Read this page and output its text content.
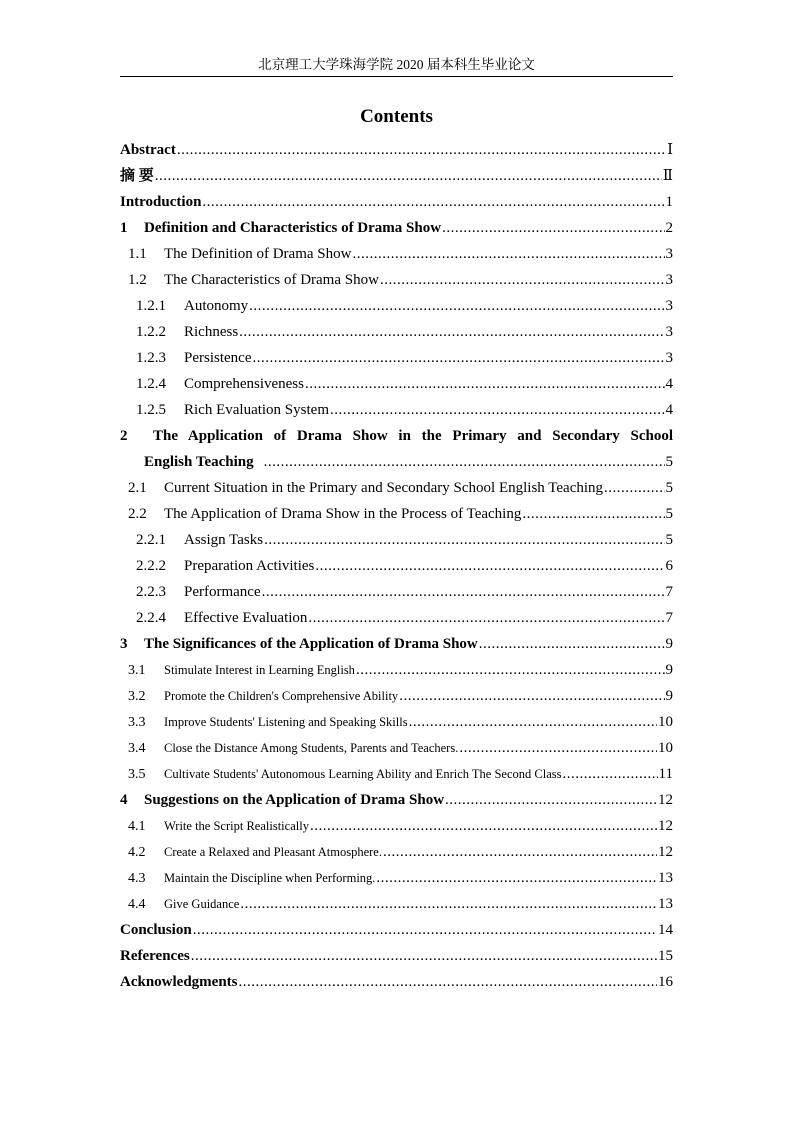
北京理工大学珠海学院 2020 届本科生毕业论文
Contents
Abstract .....	Ⅰ
摘 要 .....	Ⅱ
Introduction .....	1
1 Definition and Characteristics of Drama Show .....	2
1.1 The Definition of Drama Show .....	3
1.2 The Characteristics of Drama Show .....	3
1.2.1 Autonomy .....	3
1.2.2 Richness .....	3
1.2.3 Persistence .....	3
1.2.4 Comprehensiveness .....	4
1.2.5 Rich Evaluation System .....	4
2	The Application of Drama Show in the Primary and Secondary School
English Teaching .....	5
2.1 Current Situation in the Primary and Secondary School English Teaching .....	5
2.2 The Application of Drama Show in the Process of Teaching .....	5
2.2.1 Assign Tasks .....	5
2.2.2 Preparation Activities .....	6
2.2.3 Performance .....	7
2.2.4 Effective Evaluation .....	7
3 The Significances of the Application of Drama Show .....	9
3.1 Stimulate Interest in Learning English .....	9
3.2 Promote the Children's Comprehensive Ability .....	9
3.3 Improve Students' Listening and Speaking Skills .....	10
3.4 Close the Distance Among Students, Parents and Teachers. .....	10
3.5 Cultivate Students' Autonomous Learning Ability and Enrich The Second Class .....	11
4 Suggestions on the Application of Drama Show .....	12
4.1 Write the Script Realistically .....	12
4.2 Create a Relaxed and Pleasant Atmosphere. .....	12
4.3 Maintain the Discipline when Performing. .....	13
4.4 Give Guidance .....	13
Conclusion .....	14
References .....	15
Acknowledgments .....	16
